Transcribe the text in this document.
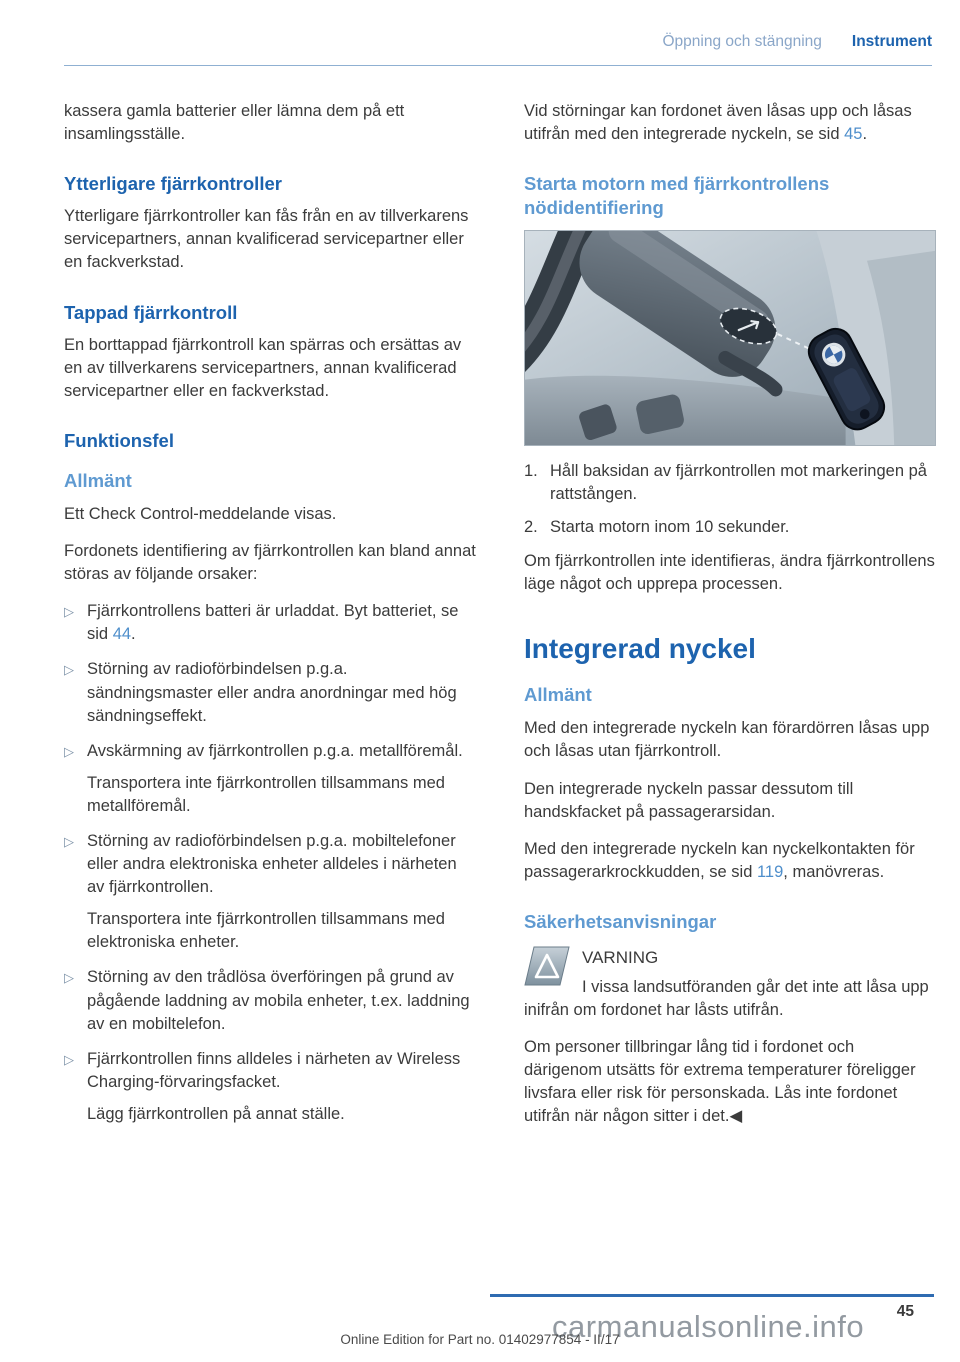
Öppning och stängning Instrument

kassera gamla batterier eller lämna dem på ett insamlingsställe.

Ytterligare fjärrkontroller

Ytterligare fjärrkontroller kan fås från en av tillverkarens servicepartners, annan kvalificerad servicepartner eller en fackverkstad.

Tappad fjärrkontroll

En borttappad fjärrkontroll kan spärras och ersättas av en av tillverkarens servicepartners, annan kvalificerad servicepartner eller en fackverkstad.

Funktionsfel
Allmänt

Ett Check Control-meddelande visas.

Fordonets identifiering av fjärrkontrollen kan bland annat störas av följande orsaker:

▷ Fjärrkontrollens batteri är urladdat. Byt batteriet, se sid 44.
▷ Störning av radioförbindelsen p.g.a. sändningsmaster eller andra anordningar med hög sändningseffekt.
▷ Avskärmning av fjärrkontrollen p.g.a. metallföremål.

Transportera inte fjärrkontrollen tillsammans med metallföremål.

▷ Störning av radioförbindelsen p.g.a. mobiltelefoner eller andra elektroniska enheter alldeles i närheten av fjärrkontrollen.

Transportera inte fjärrkontrollen tillsammans med elektroniska enheter.

▷ Störning av den trådlösa överföringen på grund av pågående laddning av mobila enheter, t.ex. laddning av en mobiltelefon.
▷ Fjärrkontrollen finns alldeles i närheten av Wireless Charging-förvaringsfacket.

Lägg fjärrkontrollen på annat ställe.

Vid störningar kan fordonet även låsas upp och låsas utifrån med den integrerade nyckeln, se sid 45.

Starta motorn med fjärrkontrollens nödidentifiering
1. Håll baksidan av fjärrkontrollen mot markeringen på rattstången.
2. Starta motorn inom 10 sekunder.

Om fjärrkontrollen inte identifieras, ändra fjärrkontrollens läge något och upprepa processen.

Integrerad nyckel
Allmänt

Med den integrerade nyckeln kan förardörren låsas upp och låsas utan fjärrkontroll.

Den integrerade nyckeln passar dessutom till handskfacket på passagerarsidan.

Med den integrerade nyckeln kan nyckelkontakten för passagerarkrockkudden, se sid 119, manövreras.

Säkerhetsanvisningar
VARNING

I vissa landsutföranden går det inte att låsa upp inifrån om fordonet har låsts utifrån.

Om personer tillbringar lång tid i fordonet och därigenom utsätts för extrema temperaturer föreligger livsfara eller risk för personskada. Lås inte fordonet utifrån när någon sitter i det.◀

45
carmanualsonline.info
Online Edition for Part no. 01402977854 - II/17
